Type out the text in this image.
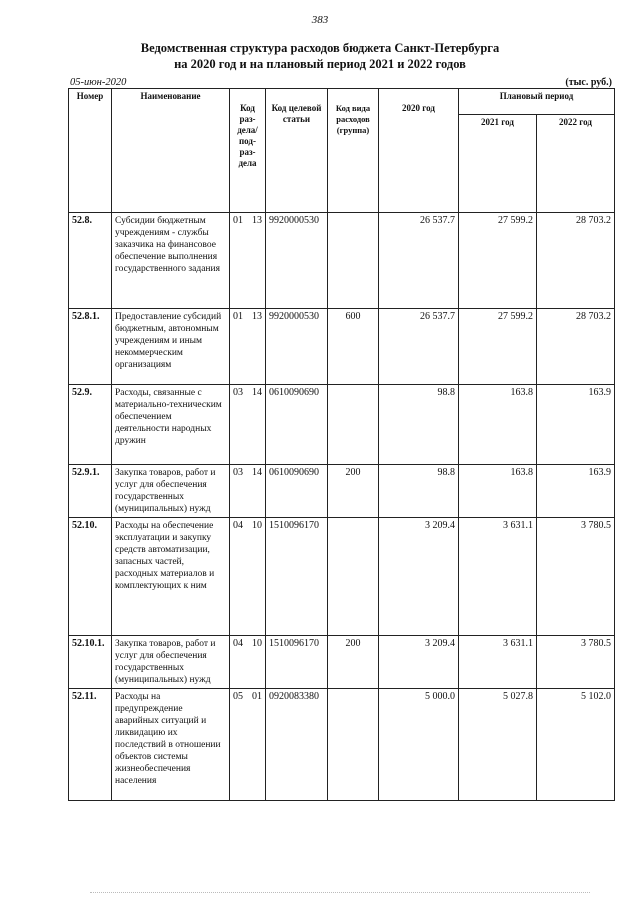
383
Ведомственная структура расходов бюджета Санкт-Петербурга
на 2020 год и на плановый период 2021 и 2022 годов
05-июн-2020	(тыс. руб.)
Номер	Наименование	Код раз-дела/ под-раз-дела	Код целевой статьи	Код вида расходов (группа)	2020 год	Плановый период	
						2021 год	2022 год
52.8.	Субсидии бюджетным учреждениям - службы заказчика на финансовое обеспечение выполнения государственного задания	01 13	9920000530		26 537.7	27 599.2	28 703.2
52.8.1.	Предоставление субсидий бюджетным, автономным учреждениям и иным некоммерческим организациям	01 13	9920000530	600	26 537.7	27 599.2	28 703.2
52.9.	Расходы, связанные с материально-техническим обеспечением деятельности народных дружин	03 14	0610090690		98.8	163.8	163.9
52.9.1.	Закупка товаров, работ и услуг для обеспечения государственных (муниципальных) нужд	03 14	0610090690	200	98.8	163.8	163.9
52.10.	Расходы на обеспечение эксплуатации и закупку средств автоматизации, запасных частей, расходных материалов и комплектующих к ним	04 10	1510096170		3 209.4	3 631.1	3 780.5
52.10.1.	Закупка товаров, работ и услуг для обеспечения государственных (муниципальных) нужд	04 10	1510096170	200	3 209.4	3 631.1	3 780.5
52.11.	Расходы на предупреждение аварийных ситуаций и ликвидацию их последствий в отношении объектов системы жизнеобеспечения населения	05 01	0920083380		5 000.0	5 027.8	5 102.0
